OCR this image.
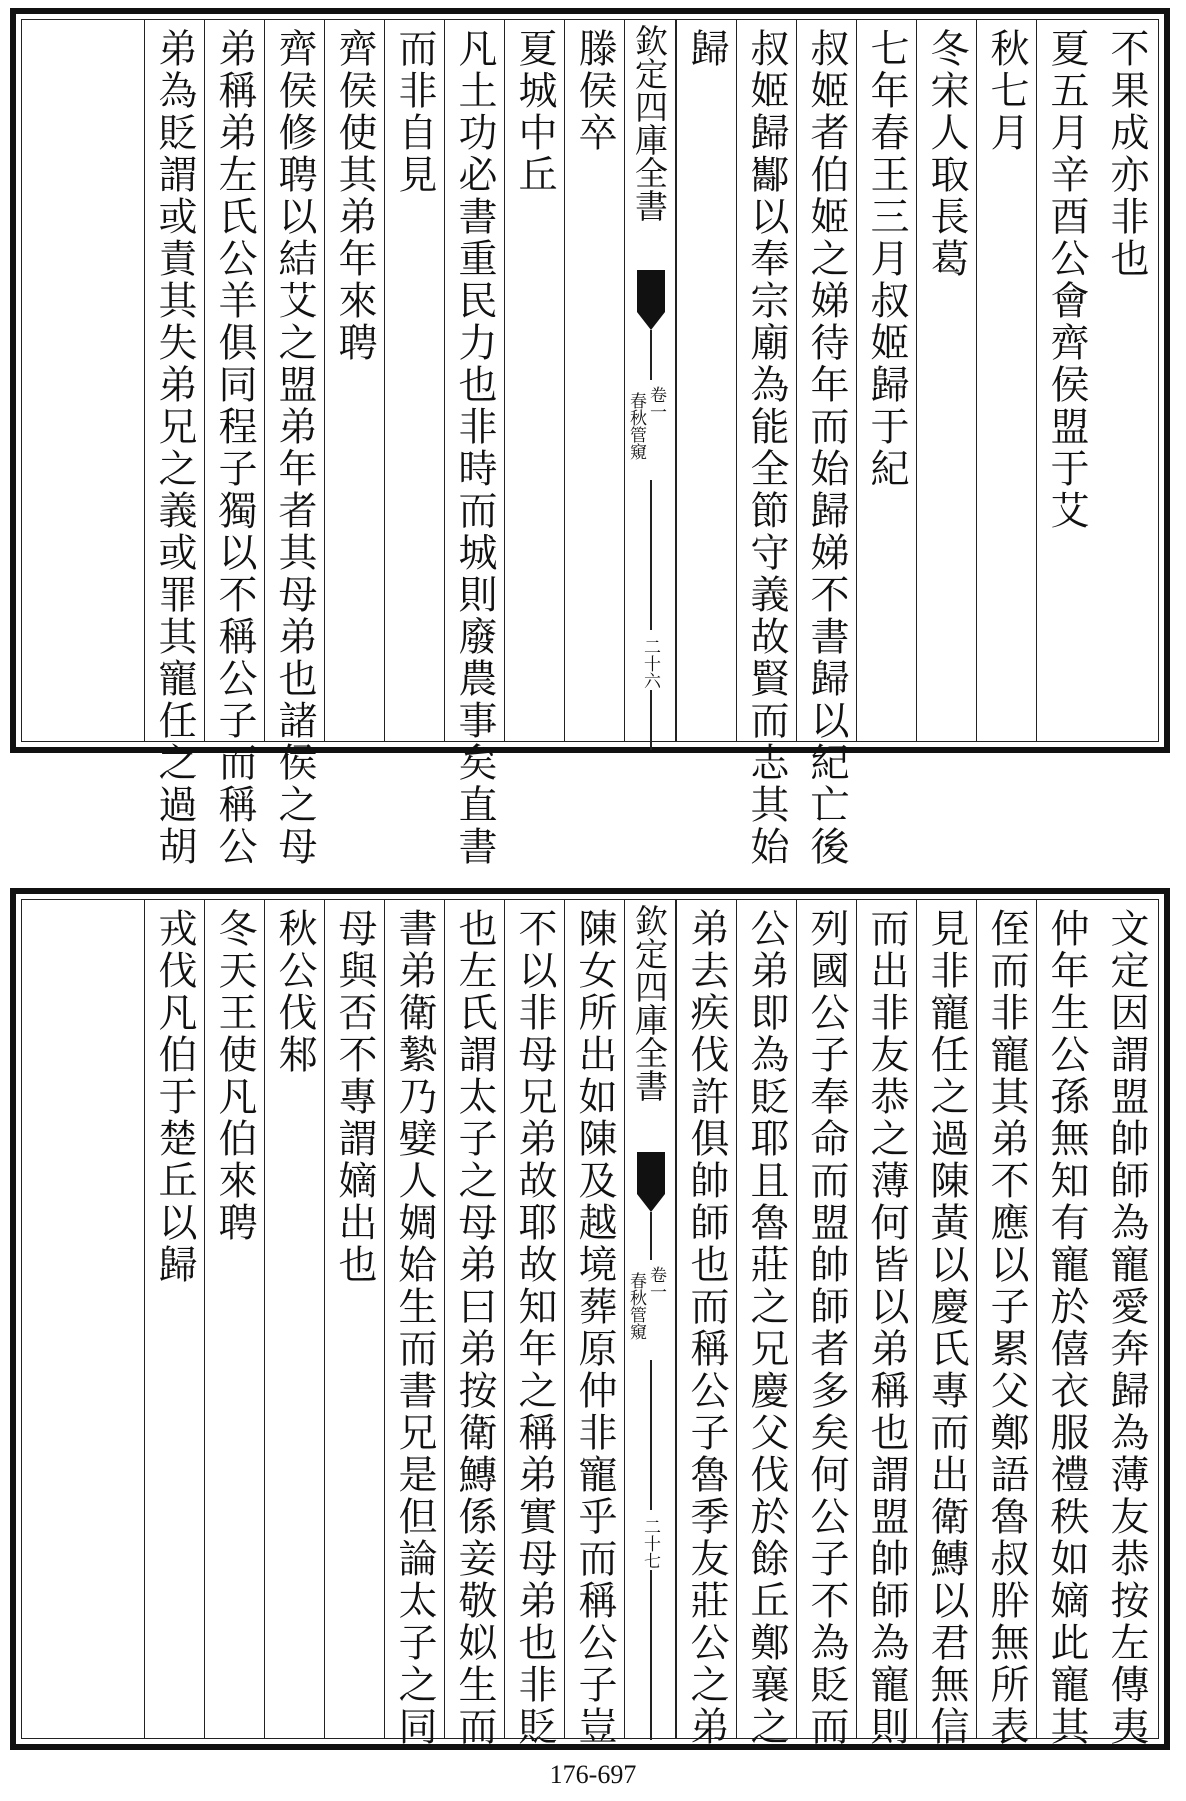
不果成亦非也
夏五月辛酉公會齊侯盟于艾
秋七月
冬宋人取長葛
七年春王三月叔姬歸于紀
叔姬者伯姬之娣待年而始歸娣不書歸以紀亡後
叔姬歸酅以奉宗廟為能全節守義故賢而志其始
歸
欽定四庫全書
春秋管窺 卷一
二十六
滕侯卒
夏城中丘
凡土功必書重民力也非時而城則廢農事矣直書
而非自見
齊侯使其弟年來聘
齊侯修聘以結艾之盟弟年者其母弟也諸侯之母
弟稱弟左氏公羊俱同程子獨以不稱公子而稱公
弟為貶謂或責其失弟兄之義或罪其寵任之過胡
文定因謂盟帥師為寵愛奔歸為薄友恭按左傳夷
仲年生公孫無知有寵於僖衣服禮秩如嫡此寵其
侄而非寵其弟不應以子累父鄭語魯叔肸無所表
見非寵任之過陳黃以慶氏專而出衛鱄以君無信
而出非友恭之薄何皆以弟稱也謂盟帥師為寵則
列國公子奉命而盟帥師者多矣何公子不為貶而
公弟即為貶耶且魯莊之兄慶父伐於餘丘鄭襄之
弟去疾伐許俱帥師也而稱公子魯季友莊公之弟
欽定四庫全書
春秋管窺 卷一
二十七
陳女所出如陳及越境葬原仲非寵乎而稱公子豈
不以非母兄弟故耶故知年之稱弟實母弟也非貶
也左氏謂太子之母弟曰弟按衛鱄係妾敬姒生而
書弟衛縶乃嬖人婤姶生而書兄是但論太子之同
母與否不專謂嫡出也
秋公伐邾
冬天王使凡伯來聘
戎伐凡伯于楚丘以歸
176-697
